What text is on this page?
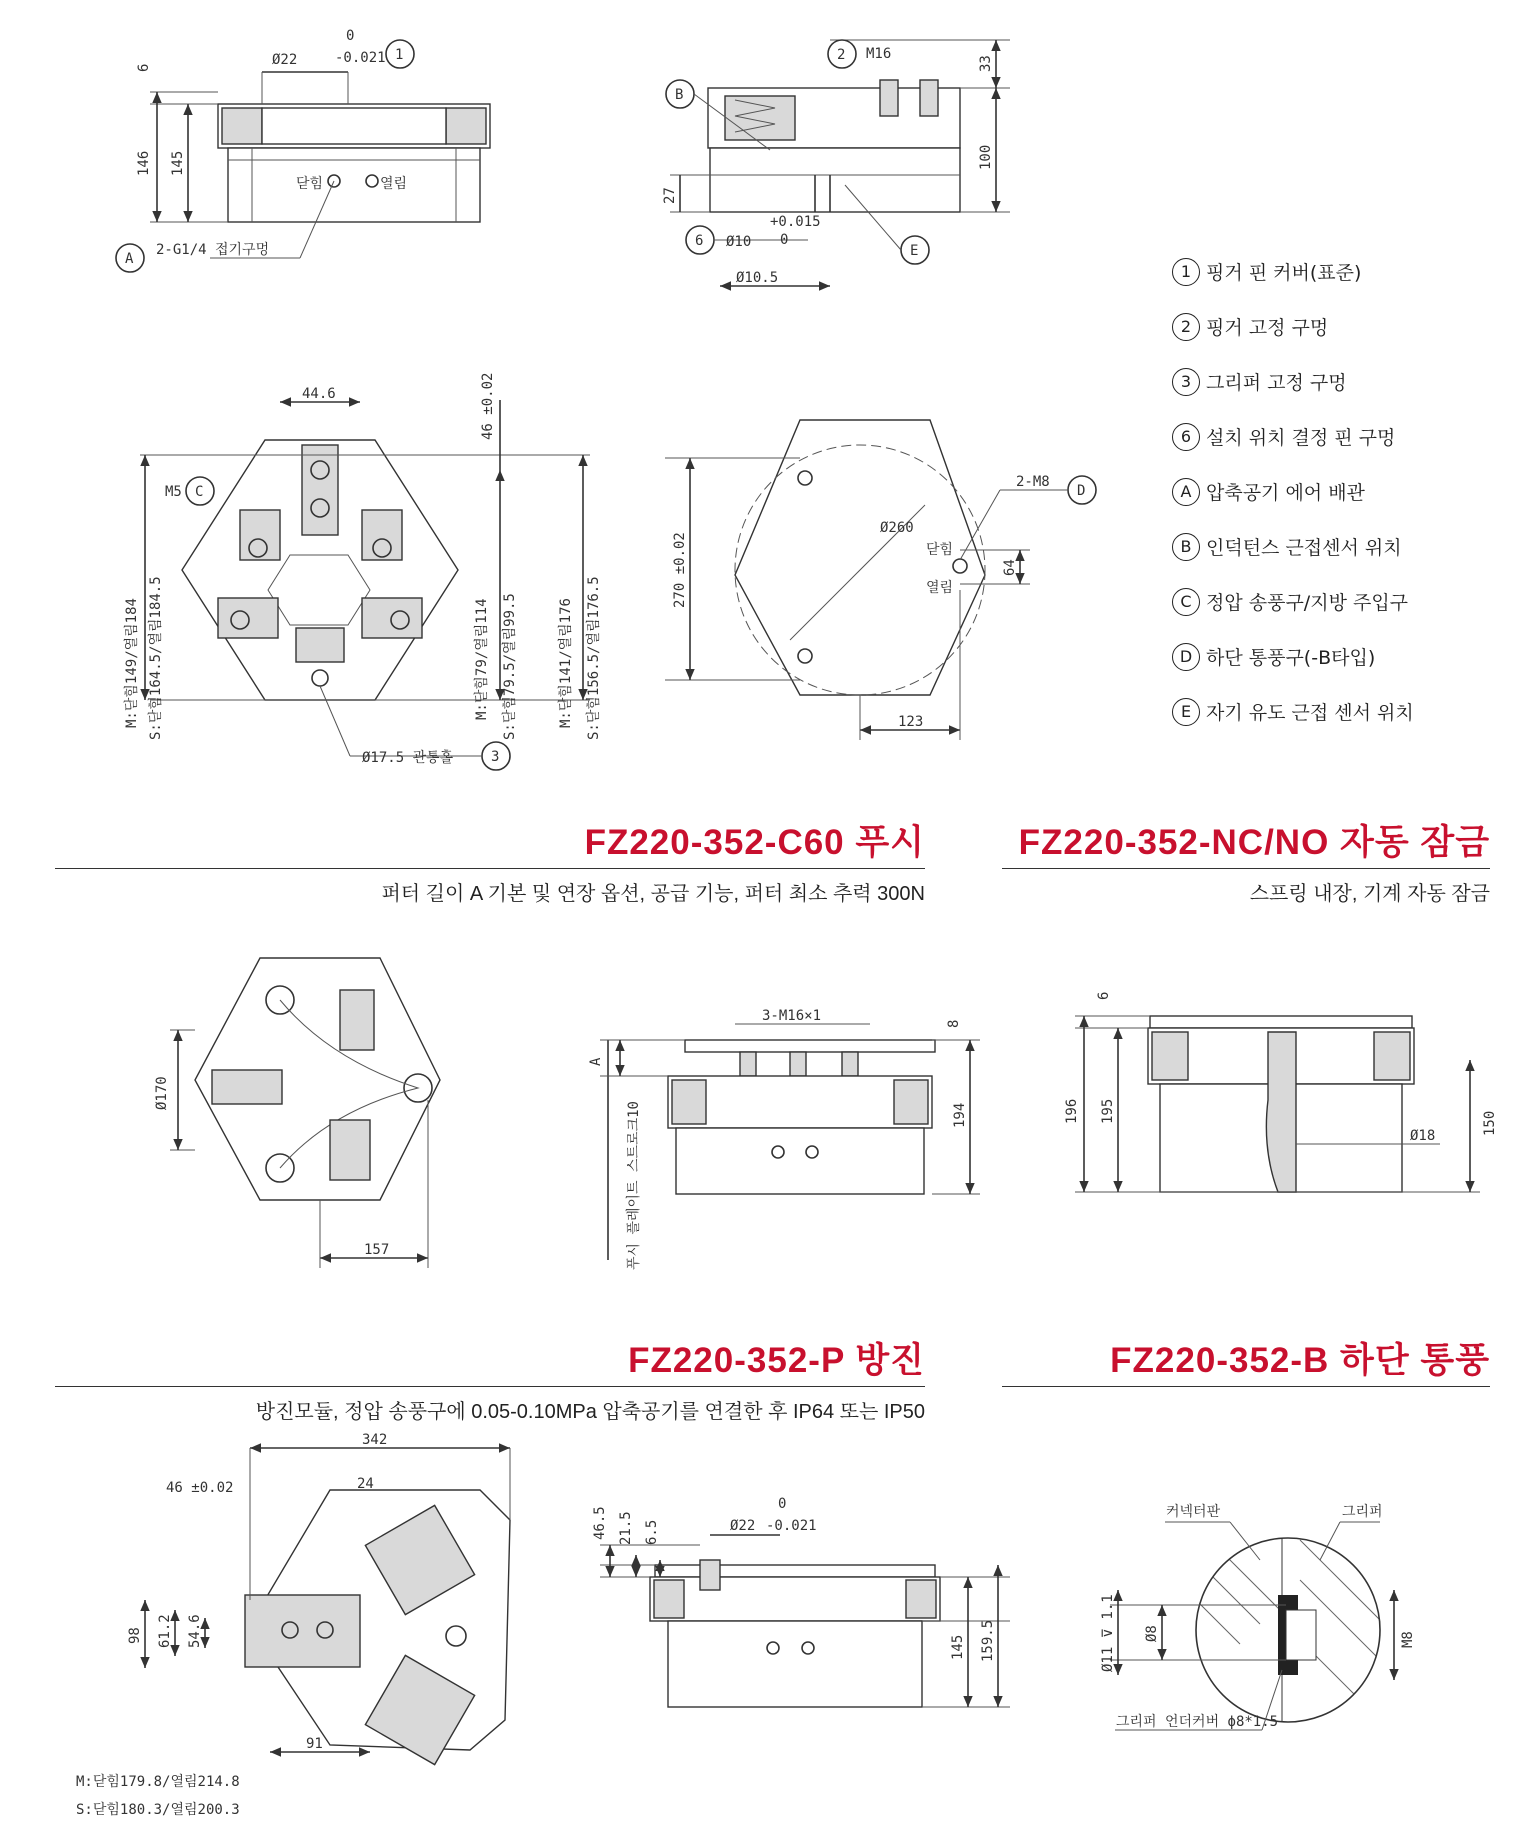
Ø22
0
-0.021 1
6
146 145
닫힘	열림
A
2-G1/4 접기구멍
2 M16
33
100
B
27
6 Ø10
+0.015
0
E
Ø10.5
44.6	46 ±0.02
M5 C
M:닫힘149/열림184 S:닫힘164.5/열림184.5	M:닫힘79/열림114 S:닫힘79.5/열림99.5	M:닫힘141/열림176 S:닫힘156.5/열림176.5
Ø17.5 관통홀	3
270 ±0.02
Ø260
2-M8
D
닫힘
열림
64
123
Ø170
157
3-M16×1	8
A
194
푸시 플레이트 스트로크10
6
196 195	150
Ø18
342
46 ±0.02	24
98 61.2 54.6
91
M:닫힘179.8/열림214.8
S:닫힘180.3/열림200.3
46.5 21.5 6.5	Ø22
0
-0.021
145 159.5
커넥터판	그리퍼
Ø11 ⊽ 1.1 Ø8	M8
그리퍼 언더커버 ϕ8*1.5
1 핑거 핀 커버(표준)
2 핑거 고정 구멍
3 그리퍼 고정 구멍
6 설치 위치 결정 핀 구멍
A 압축공기 에어 배관
B 인덕턴스 근접센서 위치
C 정압 송풍구/지방 주입구
D 하단 통풍구(-B타입)
E 자기 유도 근접 센서 위치
FZ220-352-C60 푸시
퍼터 길이 A 기본 및 연장 옵션, 공급 기능, 퍼터 최소 추력 300N
FZ220-352-NC/NO 자동 잠금
스프링 내장, 기계 자동 잠금
FZ220-352-P 방진
방진모듈, 정압 송풍구에 0.05-0.10MPa 압축공기를 연결한 후 IP64 또는 IP50
FZ220-352-B 하단 통풍
